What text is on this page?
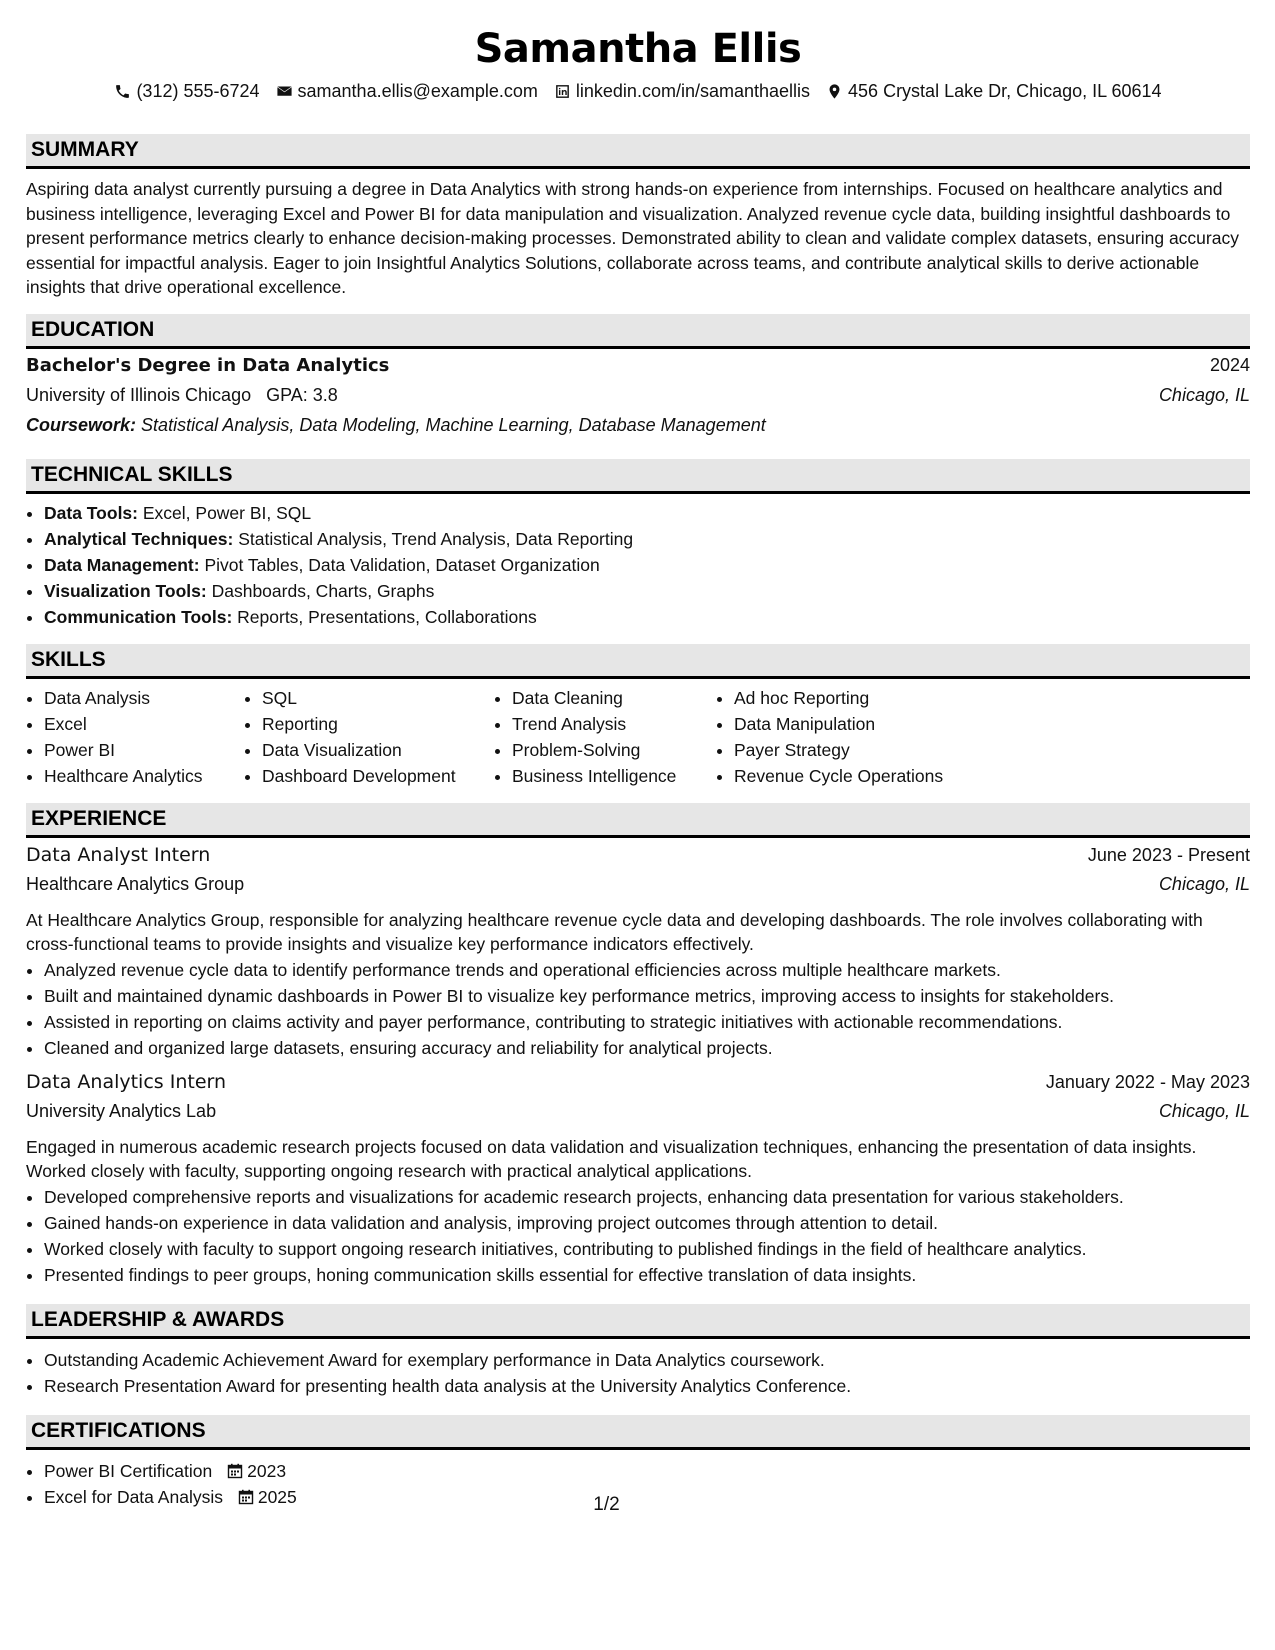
Samantha Ellis
(312) 555-6724 samantha.ellis@example.com linkedin.com/in/samanthaellis 456 Crystal Lake Dr, Chicago, IL 60614
SUMMARY

Aspiring data analyst currently pursuing a degree in Data Analytics with strong hands-on experience from internships. Focused on healthcare analytics and business intelligence, leveraging Excel and Power BI for data manipulation and visualization. Analyzed revenue cycle data, building insightful dashboards to present performance metrics clearly to enhance decision-making processes. Demonstrated ability to clean and validate complex datasets, ensuring accuracy essential for impactful analysis. Eager to join Insightful Analytics Solutions, collaborate across teams, and contribute analytical skills to derive actionable insights that drive operational excellence.

EDUCATION
Bachelor's Degree in Data Analytics	2024
University of Illinois Chicago GPA: 3.8	Chicago, IL
Coursework: Statistical Analysis, Data Modeling, Machine Learning, Database Management
TECHNICAL SKILLS
• Data Tools: Excel, Power BI, SQL
• Analytical Techniques: Statistical Analysis, Trend Analysis, Data Reporting
• Data Management: Pivot Tables, Data Validation, Dataset Organization
• Visualization Tools: Dashboards, Charts, Graphs
• Communication Tools: Reports, Presentations, Collaborations
SKILLS
• Data Analysis
• Excel
• Power BI
• Healthcare Analytics
• SQL
• Reporting
• Data Visualization
• Dashboard Development
• Data Cleaning
• Trend Analysis
• Problem-Solving
• Business Intelligence
• Ad hoc Reporting
• Data Manipulation
• Payer Strategy
• Revenue Cycle Operations
EXPERIENCE
Data Analyst Intern	June 2023 - Present
Healthcare Analytics Group	Chicago, IL

At Healthcare Analytics Group, responsible for analyzing healthcare revenue cycle data and developing dashboards. The role involves collaborating with cross-functional teams to provide insights and visualize key performance indicators effectively.

• Analyzed revenue cycle data to identify performance trends and operational efficiencies across multiple healthcare markets.
• Built and maintained dynamic dashboards in Power BI to visualize key performance metrics, improving access to insights for stakeholders.
• Assisted in reporting on claims activity and payer performance, contributing to strategic initiatives with actionable recommendations.
• Cleaned and organized large datasets, ensuring accuracy and reliability for analytical projects.
Data Analytics Intern	January 2022 - May 2023
University Analytics Lab	Chicago, IL

Engaged in numerous academic research projects focused on data validation and visualization techniques, enhancing the presentation of data insights. Worked closely with faculty, supporting ongoing research with practical analytical applications.

• Developed comprehensive reports and visualizations for academic research projects, enhancing data presentation for various stakeholders.
• Gained hands-on experience in data validation and analysis, improving project outcomes through attention to detail.
• Worked closely with faculty to support ongoing research initiatives, contributing to published findings in the field of healthcare analytics.
• Presented findings to peer groups, honing communication skills essential for effective translation of data insights.
LEADERSHIP & AWARDS
• Outstanding Academic Achievement Award for exemplary performance in Data Analytics coursework.
• Research Presentation Award for presenting health data analysis at the University Analytics Conference.
CERTIFICATIONS
• Power BI Certification 2023
• Excel for Data Analysis 2025	1/2
